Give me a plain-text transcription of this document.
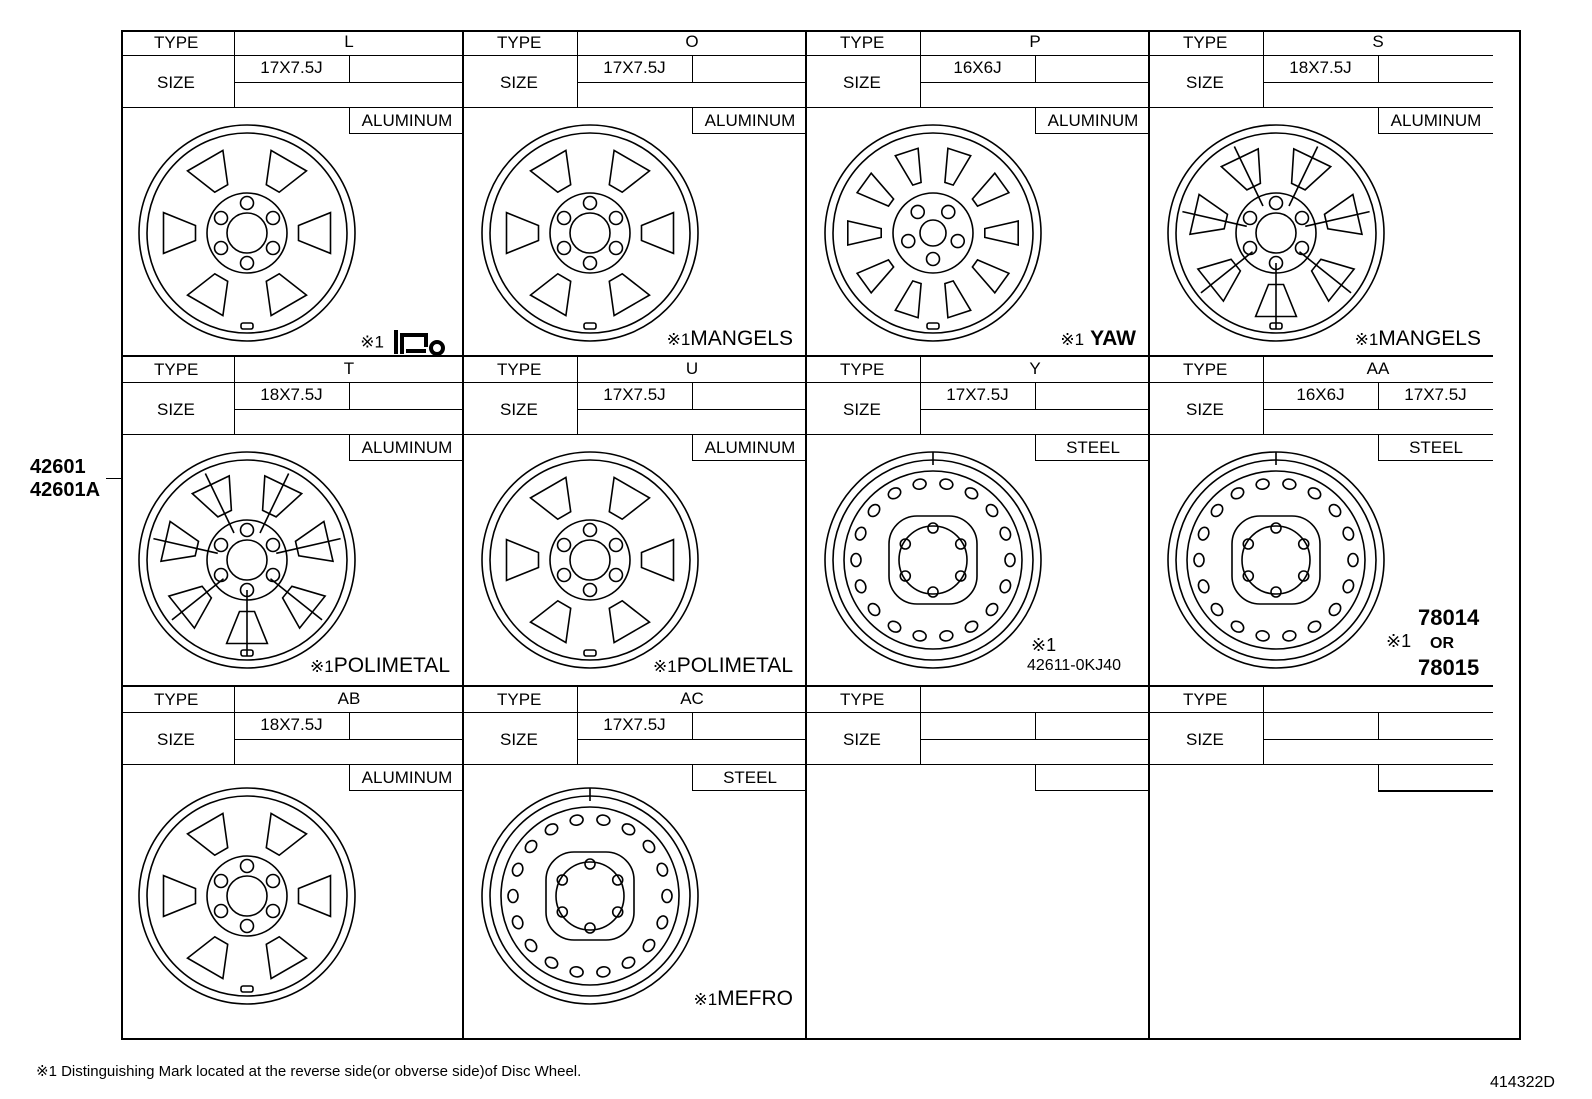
42601
42601A
TYPE	L
SIZE
17X7.5J
ALUMINUM
※1
TYPE	O
SIZE
17X7.5J
ALUMINUM
※1MANGELS
TYPE	P
SIZE
16X6J
ALUMINUM
※1 YAW
TYPE	S
SIZE
18X7.5J
ALUMINUM
※1MANGELS
TYPE	T
SIZE
18X7.5J
ALUMINUM
※1POLIMETAL
TYPE	U
SIZE
17X7.5J
ALUMINUM
※1POLIMETAL
TYPE	Y
SIZE
17X7.5J
STEEL
※1
42611-0KJ40
TYPE	AA
SIZE
16X6J	17X7.5J
STEEL
78014
※1 OR
78015
TYPE	AB
SIZE
18X7.5J
ALUMINUM
TYPE	AC
SIZE
17X7.5J
STEEL
※1MEFRO
TYPE
SIZE
TYPE
SIZE
※1 Distinguishing Mark located at the reverse side(or obverse side)of Disc Wheel.
414322D
